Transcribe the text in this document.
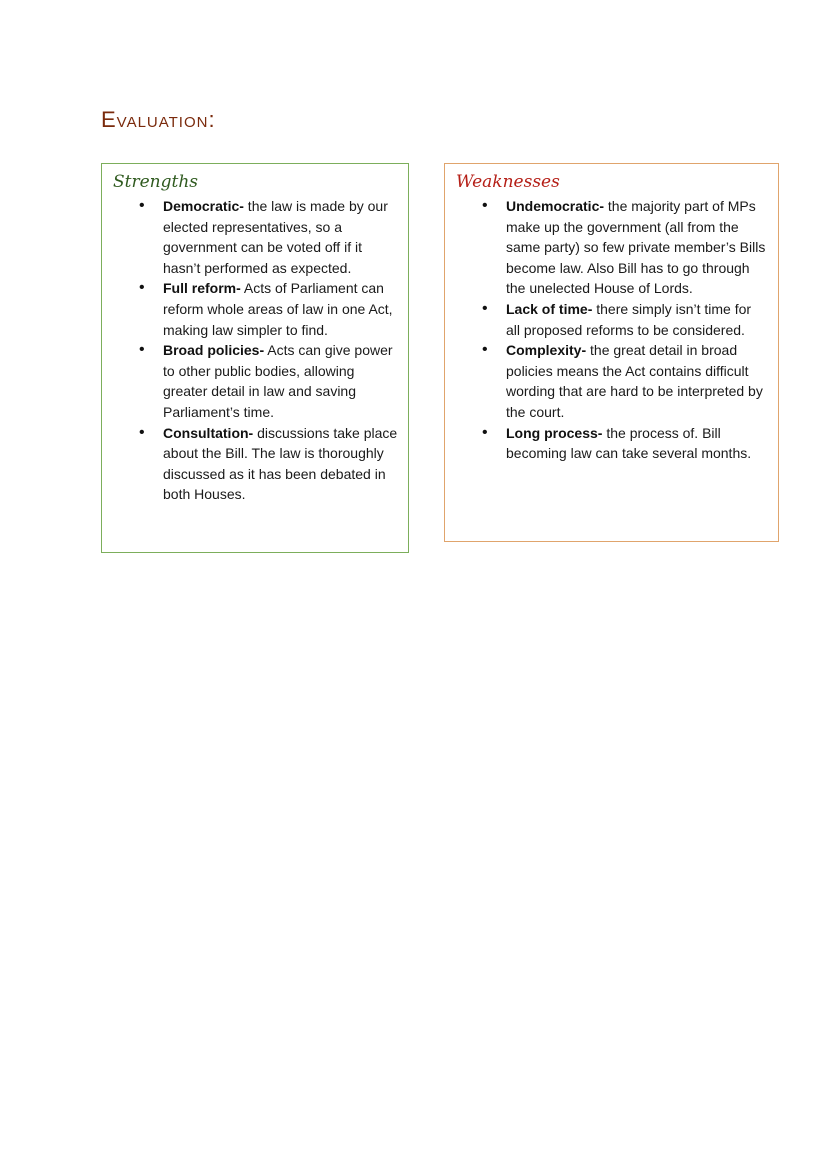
Evaluation:
Strengths
• Democratic- the law is made by our elected representatives, so a government can be voted off if it hasn’t performed as expected.
• Full reform- Acts of Parliament can reform whole areas of law in one Act, making law simpler to find.
• Broad policies- Acts can give power to other public bodies, allowing greater detail in law and saving Parliament’s time.
• Consultation- discussions take place about the Bill. The law is thoroughly discussed as it has been debated in both Houses.
Weaknesses
• Undemocratic- the majority part of MPs make up the government (all from the same party) so few private member’s Bills become law. Also Bill has to go through the unelected House of Lords.
• Lack of time- there simply isn’t time for all proposed reforms to be considered.
• Complexity- the great detail in broad policies means the Act contains difficult wording that are hard to be interpreted by the court.
• Long process- the process of. Bill becoming law can take several months.
